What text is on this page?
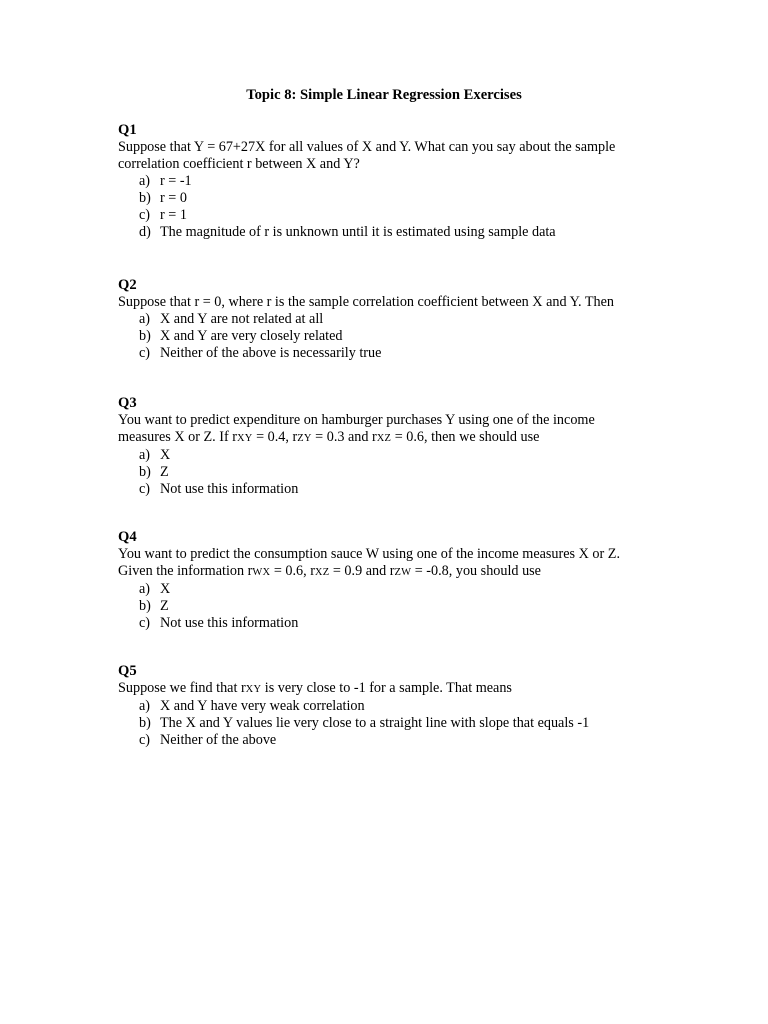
Topic 8: Simple Linear Regression Exercises
Q1
Suppose that Y = 67+27X for all values of X and Y. What can you say about the sample
correlation coefficient r between X and Y?
a) r = -1
b) r = 0
c) r = 1
d) The magnitude of r is unknown until it is estimated using sample data
Q2
Suppose that r = 0, where r is the sample correlation coefficient between X and Y. Then
a) X and Y are not related at all
b) X and Y are very closely related
c) Neither of the above is necessarily true
Q3
You want to predict expenditure on hamburger purchases Y using one of the income
measures X or Z. If rXY = 0.4, rZY = 0.3 and rXZ = 0.6, then we should use
a) X
b) Z
c) Not use this information
Q4
You want to predict the consumption sauce W using one of the income measures X or Z.
Given the information rWX = 0.6, rXZ = 0.9 and rZW = -0.8, you should use
a) X
b) Z
c) Not use this information
Q5
Suppose we find that rXY is very close to -1 for a sample. That means
a) X and Y have very weak correlation
b) The X and Y values lie very close to a straight line with slope that equals -1
c) Neither of the above
